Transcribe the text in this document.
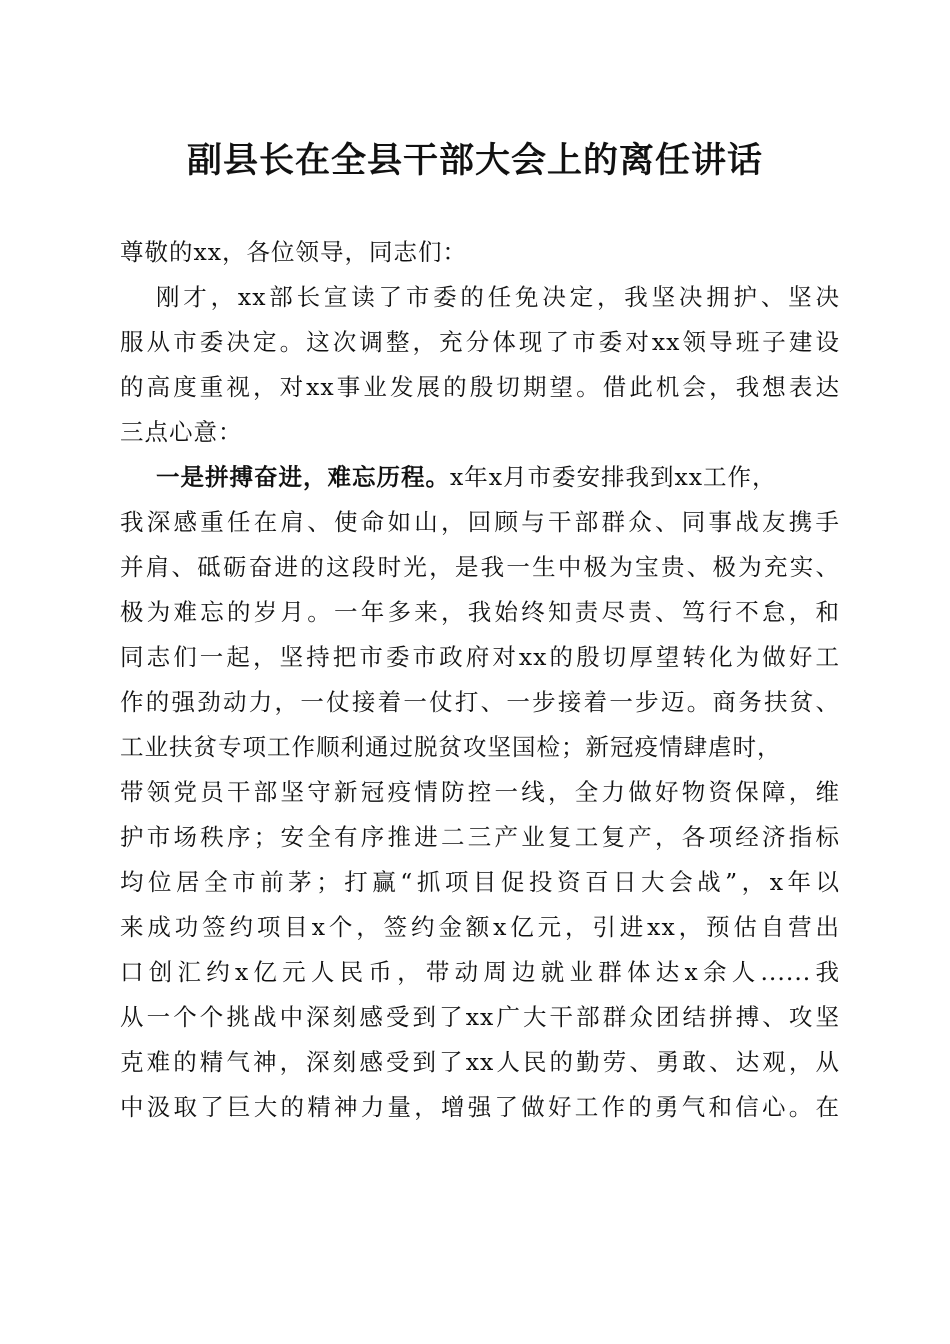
副县长在全县干部大会上的离任讲话
尊敬的xx，各位领导，同志们：
刚才，xx部长宣读了市委的任免决定，我坚决拥护、坚决
服从市委决定。这次调整，充分体现了市委对xx领导班子建设
的高度重视，对xx事业发展的殷切期望。借此机会，我想表达
三点心意：
一是拼搏奋进，难忘历程。x年x月市委安排我到xx工作，
我深感重任在肩、使命如山，回顾与干部群众、同事战友携手
并肩、砥砺奋进的这段时光，是我一生中极为宝贵、极为充实、
极为难忘的岁月。一年多来，我始终知责尽责、笃行不怠，和
同志们一起，坚持把市委市政府对xx的殷切厚望转化为做好工
作的强劲动力，一仗接着一仗打、一步接着一步迈。商务扶贫、
工业扶贫专项工作顺利通过脱贫攻坚国检；新冠疫情肆虐时，
带领党员干部坚守新冠疫情防控一线，全力做好物资保障，维
护市场秩序；安全有序推进二三产业复工复产，各项经济指标
均位居全市前茅；打赢“抓项目促投资百日大会战”，x年以
来成功签约项目x个，签约金额x亿元，引进xx，预估自营出
口创汇约x亿元人民币，带动周边就业群体达x余人......我
从一个个挑战中深刻感受到了xx广大干部群众团结拼搏、攻坚
克难的精气神，深刻感受到了xx人民的勤劳、勇敢、达观，从
中汲取了巨大的精神力量，增强了做好工作的勇气和信心。在
